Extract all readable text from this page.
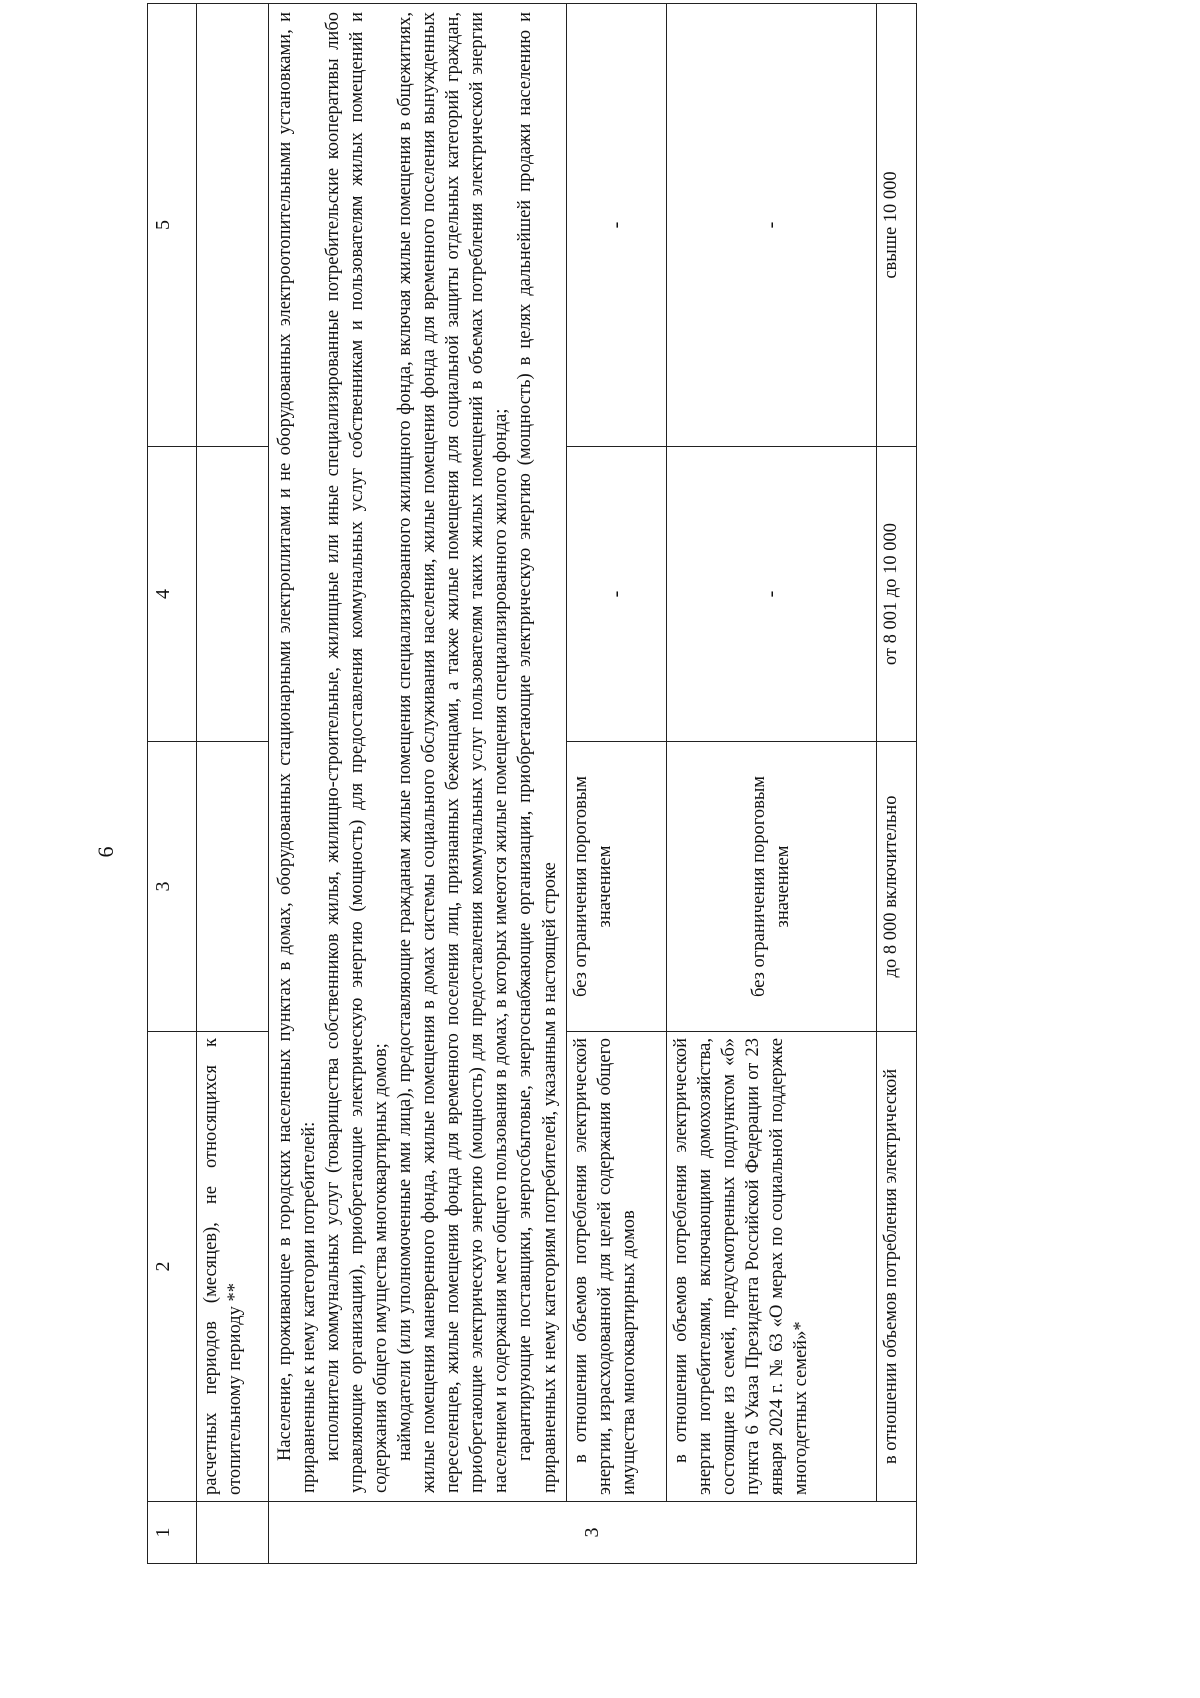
6
1	2	3	4	5
	расчетных периодов (месяцев), не относящихся к отопительному периоду **			
3	Население, проживающее в городских населенных пунктах в домах, оборудованных стационарными электроплитами и не оборудованных электроотопительными установками, и приравненные к нему категории потребителей: исполнители коммунальных услуг (товарищества собственников жилья, жилищно-строительные, жилищные или иные специализированные потребительские кооперативы либо управляющие организации), приобретающие электрическую энергию (мощность) для предоставления коммунальных услуг собственникам и пользователям жилых помещений и содержания общего имущества многоквартирных домов; наймодатели (или уполномоченные ими лица), предоставляющие гражданам жилые помещения специализированного жилищного фонда, включая жилые помещения в общежитиях, жилые помещения маневренного фонда, жилые помещения в домах системы социального обслуживания населения, жилые помещения фонда для временного поселения вынужденных переселенцев, жилые помещения фонда для временного поселения лиц, признанных беженцами, а также жилые помещения для социальной защиты отдельных категорий граждан, приобретающие электрическую энергию (мощность) для предоставления коммунальных услуг пользователям таких жилых помещений в объемах потребления электрической энергии населением и содержания мест общего пользования в домах, в которых имеются жилые помещения специализированного жилого фонда; гарантирующие поставщики, энергосбытовые, энергоснабжающие организации, приобретающие электрическую энергию (мощность) в целях дальнейшей продажи населению и приравненных к нему категориям потребителей, указанным в настоящей строке			

	в отношении объемов потребления электрической энергии, израсходованной для целей содержания общего имущества многоквартирных домов	без ограничения пороговым значением	-	-
	в отношении объемов потребления электрической энергии потребителями, включающими домохозяйства, состоящие из семей, предусмотренных подпунктом «б» пункта 6 Указа Президента Российской Федерации от 23 января 2024 г. № 63 «О мерах по социальной поддержке многодетных семей»*	без ограничения пороговым значением	-	-
	в отношении объемов потребления электрической	до 8 000 включительно	от 8 001 до 10 000	свыше 10 000
